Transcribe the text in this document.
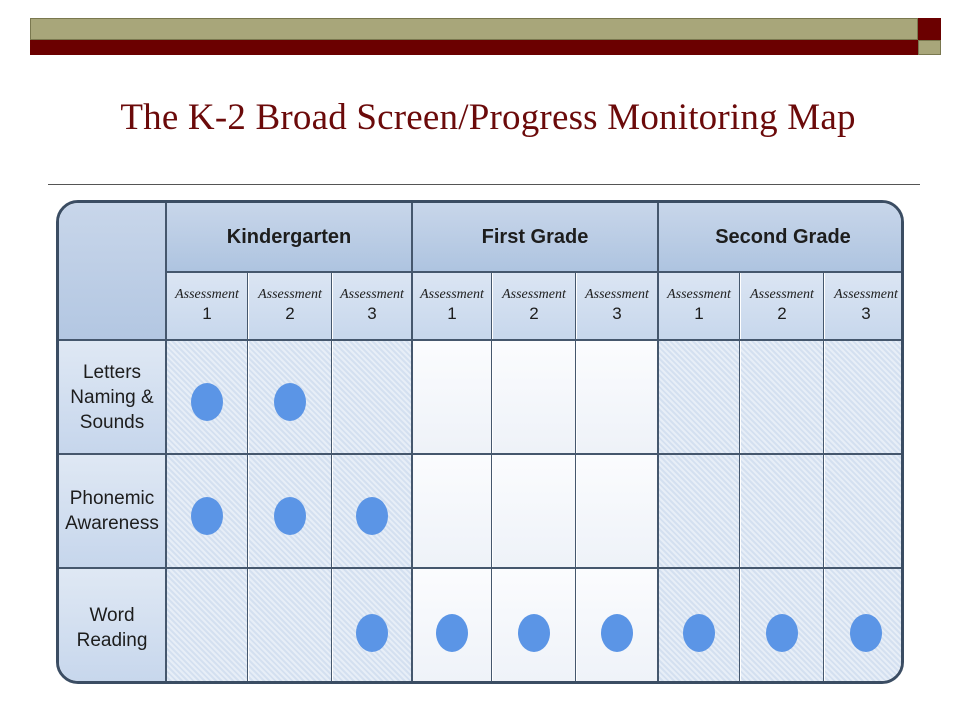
The K-2 Broad Screen/Progress Monitoring Map
Kindergarten	First Grade	Second Grade
Assessment
1
Assessment
2
Assessment
3
Assessment
1
Assessment
2
Assessment
3
Assessment
1
Assessment
2
Assessment
3
Letters Naming & Sounds
Phonemic Awareness
Word Reading
